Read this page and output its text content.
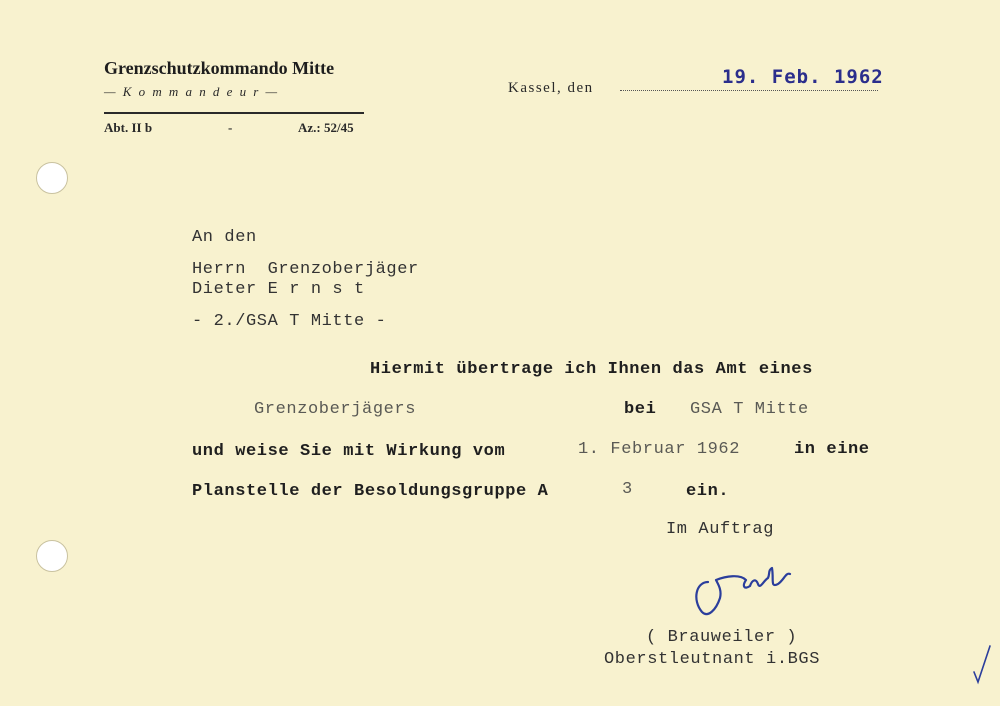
Grenzschutzkommando Mitte
—Kommandeur—
Abt. II b	-	Az.: 52/45
Kassel, den	19. Feb. 1962
An den
Herrn  Grenzoberjäger
Dieter E r n s t
- 2./GSA T Mitte -
Hiermit übertrage ich Ihnen das Amt eines
Grenzoberjägers	bei GSA T Mitte
und weise Sie mit Wirkung vom	1. Februar 1962	in eine
Planstelle der Besoldungsgruppe A	3	ein.
Im Auftrag
( Brauweiler )
Oberstleutnant i.BGS
